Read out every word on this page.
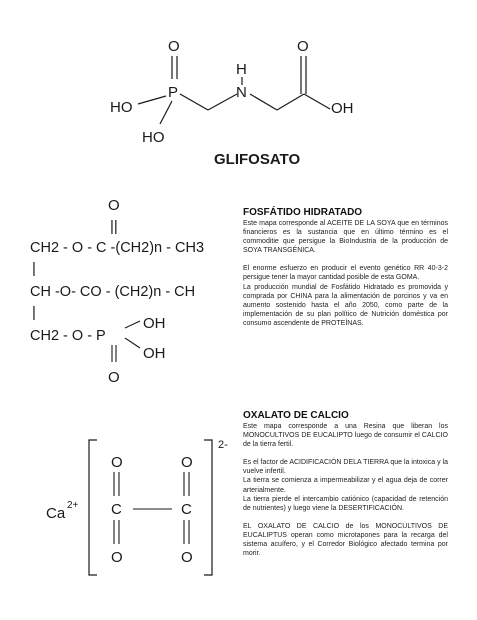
O
P
HO
HO
H
N
O
OH
GLIFOSATO
O
||
CH2 - O - C -(CH2)n - CH3
|
CH -O- CO - (CH2)n - CH
|
CH2 - O - P
OH
OH
O
FOSFÁTIDO HIDRATADO

Este mapa corresponde al ACEITE DE LA SOYA que en términos financieros es la sustancia que en último término es el commoditie que persigue la BioIndustria de la producción de SOYA TRANSGÉNICA.

El enorme esfuerzo en producir el evento genético RR 40-3-2 persigue tener la mayor cantidad posible de esta GOMA.

La producción mundial de Fosfátido Hidratado es promovida y comprada por CHINA para la alimentación de porcinos y va en aumento sostenido hasta el año 2050, como parte de la implementación de su plan político de Nutrición doméstica por consumo ascendente de PROTEÍNAS.

Ca 2+
2-
O	O
C	C
O	O
OXALATO DE CALCIO

Este mapa corresponde a una Resina que liberan los MONOCULTIVOS DE EUCALIPTO luego de consumir el CALCIO de la tierra fertil.

Es el factor de ACIDIFICACIÓN DELA TIERRA que la intoxica y la vuelve infertil.

La tierra se comienza a impermeabilizar y el agua deja de correr arterialmente.

La tierra pierde el intercambio catiónico (capacidad de retención de nutrientes) y luego viene la DESERTIFICACIÓN.

EL OXALATO DE CALCIO de los MONOCULTIVOS DE EUCALIPTUS operan como microtapones para la recarga del sistema acuífero, y el Corredor Biológico afectado termina por morir.
